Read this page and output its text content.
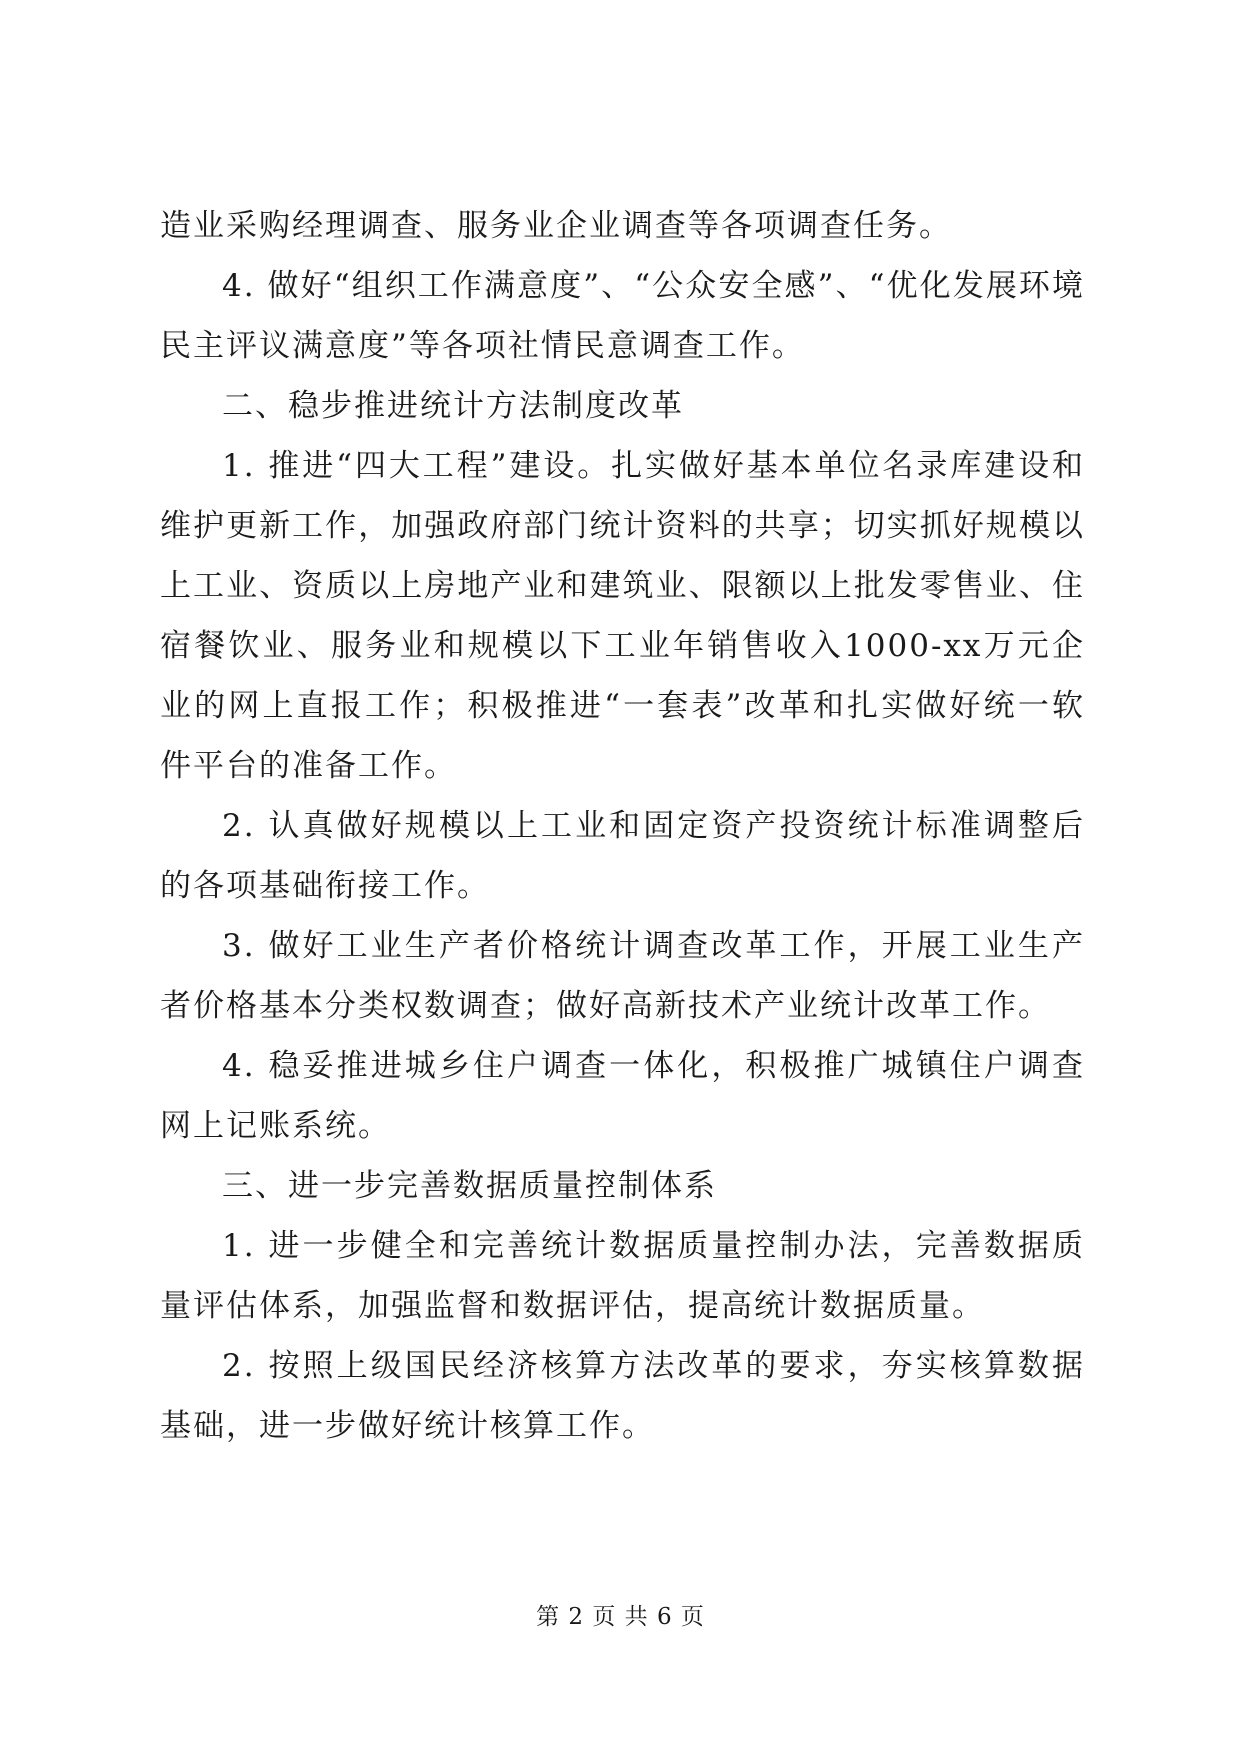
造业采购经理调查、服务业企业调查等各项调查任务。

4. 做好“组织工作满意度”、“公众安全感”、“优化发展环境民主评议满意度”等各项社情民意调查工作。

二、稳步推进统计方法制度改革

1. 推进“四大工程”建设。扎实做好基本单位名录库建设和维护更新工作，加强政府部门统计资料的共享；切实抓好规模以上工业、资质以上房地产业和建筑业、限额以上批发零售业、住宿餐饮业、服务业和规模以下工业年销售收入1000-xx万元企业的网上直报工作；积极推进“一套表”改革和扎实做好统一软件平台的准备工作。

2. 认真做好规模以上工业和固定资产投资统计标准调整后的各项基础衔接工作。

3. 做好工业生产者价格统计调查改革工作，开展工业生产者价格基本分类权数调查；做好高新技术产业统计改革工作。

4. 稳妥推进城乡住户调查一体化，积极推广城镇住户调查网上记账系统。

三、进一步完善数据质量控制体系

1. 进一步健全和完善统计数据质量控制办法，完善数据质量评估体系，加强监督和数据评估，提高统计数据质量。

2. 按照上级国民经济核算方法改革的要求，夯实核算数据基础，进一步做好统计核算工作。

第 2 页 共 6 页
